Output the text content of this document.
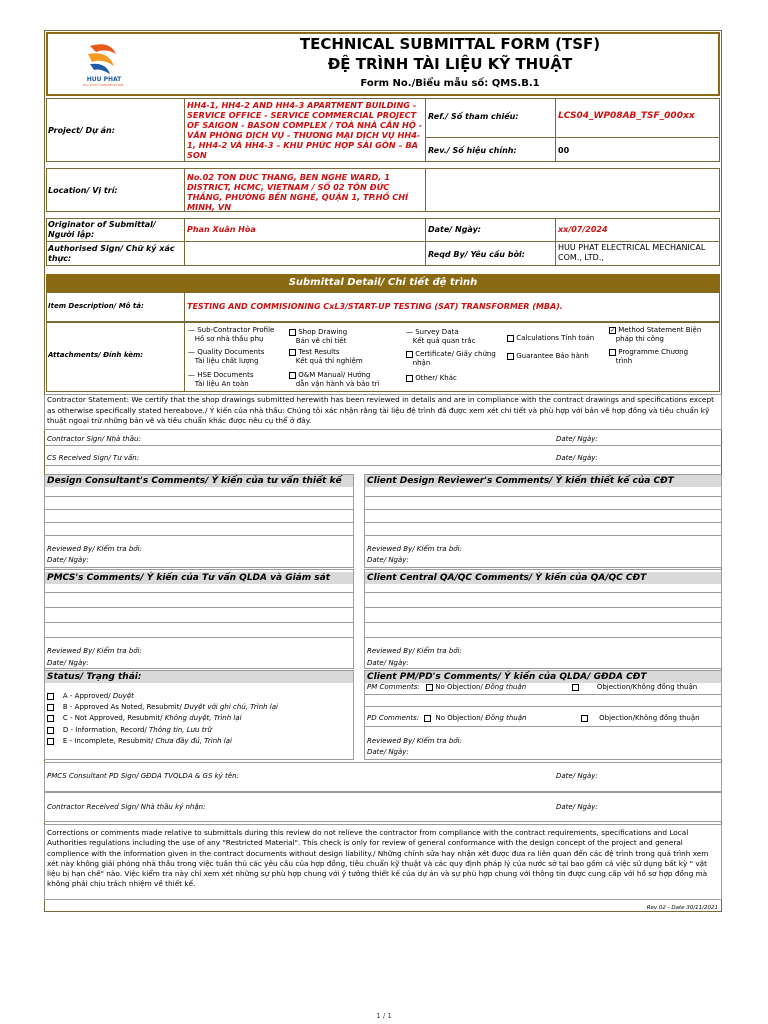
HUU PHAT
HUU PHAT CONSTRUCTION
TECHNICAL SUBMITTAL FORM (TSF)
ĐỆ TRÌNH TÀI LIỆU KỸ THUẬT
Form No./Biểu mẫu số: QMS.B.1
Project/ Dự án:
HH4-1, HH4-2 AND HH4-3 APARTMENT BUILDING - SERVICE OFFICE - SERVICE COMMERCIAL PROJECT OF SAIGON - BASON COMPLEX / TOÀ NHÀ CĂN HỘ - VĂN PHÒNG DỊCH VỤ - THƯƠNG MẠI DỊCH VỤ HH4-1, HH4-2 VÀ HH4-3 – KHU PHỨC HỢP SÀI GÒN – BA SON
Ref./ Số tham chiếu:	LCS04_WP08AB_TSF_000xx
Rev./ Số hiệu chỉnh:	00
Location/ Vị trí:
No.02 TON DUC THANG, BEN NGHE WARD, 1 DISTRICT, HCMC, VIETNAM / SỐ 02 TÔN ĐỨC THẮNG, PHƯỜNG BẾN NGHÉ, QUẬN 1, TP.HỒ CHÍ MINH, VN
Originator of Submittal/ Người lập:
Phan Xuân Hòa	Date/ Ngày:	xx/07/2024
Authorised Sign/ Chữ ký xác thực:	Reqd By/ Yêu cầu bởi:
HUU PHAT ELECTRICAL MECHANICAL COM., LTD.,
Submittal Detail/ Chi tiết đệ trình
Item Description/ Mô tả:	TESTING AND COMMISIONING CxL3/START-UP TESTING (SAT) TRANSFORMER (MBA).
Attachments/ Đính kèm:
— Sub-Contractor Profile
Hồ sơ nhà thầu phụ
— Quality Documents
Tài liệu chất lượng
— HSE Documents
Tài liệu An toàn
Shop Drawing
Bản vẽ chi tiết
Test Results
Kết quả thí nghiệm
O&M Manual/ Hướng
dẫn vận hành và bảo trì
— Survey Data
Kết quả quan trắc
Certificate/ Giấy chứng
nhận
Other/ Khác
Calculations Tính toán
Guarantee Bảo hành
✓ Method Statement Biện
pháp thi công
Programme Chương
trình
Contractor Statement: We certify that the shop drawings submitted herewith has been reviewed in details and are in compliance with the contract drawings and specifications except as otherwise specifically stated hereabove./ Ý kiến của nhà thầu: Chúng tôi xác nhận rằng tài liệu đệ trình đã được xem xét chi tiết và phù hợp với bản vẽ hợp đồng và tiêu chuẩn kỹ thuật ngoại trừ những bản vẽ và tiêu chuẩn khác được nêu cụ thể ở đây.
Contractor Sign/ Nhà thầu:	Date/ Ngày:
CS Received Sign/ Tư vấn:	Date/ Ngày:
Design Consultant's Comments/ Ý kiến của tư vấn thiết kế
Reviewed By/ Kiểm tra bởi:
Date/ Ngày:
Client Design Reviewer's Comments/ Ý kiến thiết kế của CĐT
Reviewed By/ Kiểm tra bởi:
Date/ Ngày:
PMCS's Comments/ Ý kiến của Tư vấn QLDA và Giám sát
Reviewed By/ Kiểm tra bởi:
Date/ Ngày:
Client Central QA/QC Comments/ Ý kiến của QA/QC CĐT
Reviewed By/ Kiểm tra bởi:
Date/ Ngày:
Status/ Trạng thái:
A - Approved/ Duyệt
B - Approved As Noted, Resubmit/ Duyệt với ghi chú, Trình lại
C - Not Approved, Resubmit/ Không duyệt, Trình lại
D - Information, Record/ Thông tin, Lưu trữ
E - Incomplete, Resubmit/ Chưa đầy đủ, Trình lại
Client PM/PD's Comments/ Ý kiến của QLDA/ GĐDA CĐT
PM Comments:	No Objection/ Đồng thuận	Objection/Không đồng thuận
PD Comments:	No Objection/ Đồng thuận	Objection/Không đồng thuận
Reviewed By/ Kiểm tra bởi:
Date/ Ngày:
PMCS Consultant PD Sign/ GĐDA TVQLDA & GS ký tên:	Date/ Ngày:
Contractor Received Sign/ Nhà thầu ký nhận:	Date/ Ngày:
Corrections or comments made relative to submittals during this review do not relieve the contractor from compliance with the contract requirements, specifications and Local Authorities regulations including the use of any "Restricted Material". This check is only for review of general conformance with the design concept of the project and general complience with the information given in the contract documents without design liability./ Những chỉnh sửa hay nhận xét được đưa ra liên quan đến các đệ trình trong quá trình xem xét này không giải phóng nhà thầu trong việc tuân thủ các yêu cầu của hợp đồng, tiêu chuẩn kỹ thuật và các quy định pháp lý của nước sở tại bao gồm cả việc sử dụng bất kỳ " vật liệu bị hạn chế" nào. Việc kiểm tra này chỉ xem xét những sự phù hợp chung với ý tưởng thiết kế của dự án và sự phù hợp chung với thông tin được cung cấp với hồ sơ hợp đồng mà không phải chịu trách nhiệm về thiết kế.
Rev 02 - Date 30/11/2021
1 / 1
